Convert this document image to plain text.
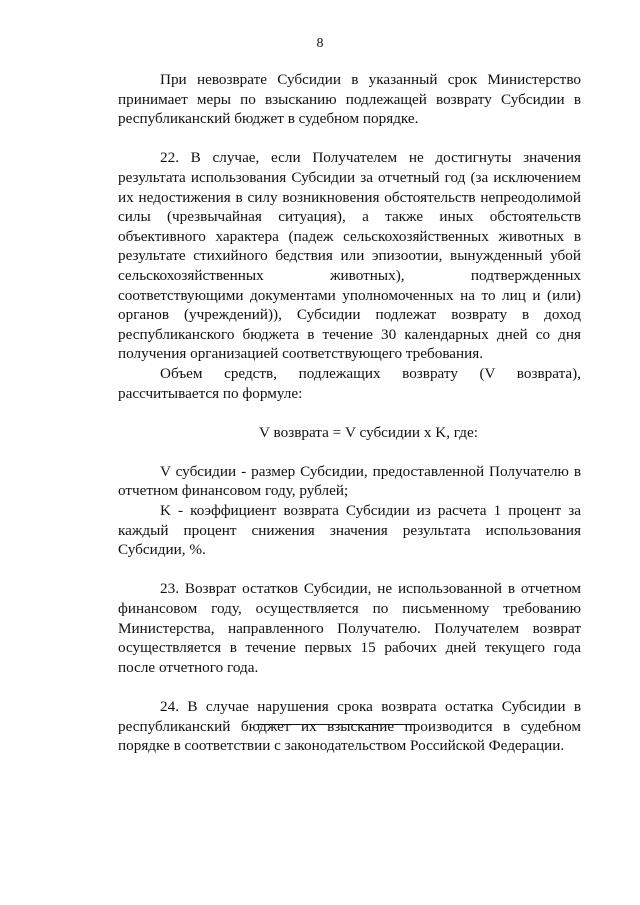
8

При невозврате Субсидии в указанный срок Министерство принимает меры по взысканию подлежащей возврату Субсидии в республиканский бюджет в судебном порядке.

22. В случае, если Получателем не достигнуты значения результата использования Субсидии за отчетный год (за исключением их недостижения в силу возникновения обстоятельств непреодолимой силы (чрезвычайная ситуация), а также иных обстоятельств объективного характера (падеж сельскохозяйственных животных в результате стихийного бедствия или эпизоотии, вынужденный убой сельскохозяйственных животных), подтвержденных соответствующими документами уполномоченных на то лиц и (или) органов (учреждений)), Субсидии подлежат возврату в доход республиканского бюджета в течение 30 календарных дней со дня получения организацией соответствующего требования.

Объем средств, подлежащих возврату (V возврата), рассчитывается по формуле:

V возврата = V субсидии x K, где:

V субсидии - размер Субсидии, предоставленной Получателю в отчетном финансовом году, рублей;

K - коэффициент возврата Субсидии из расчета 1 процент за каждый процент снижения значения результата использования Субсидии, %.

23. Возврат остатков Субсидии, не использованной в отчетном финансовом году, осуществляется по письменному требованию Министерства, направленного Получателю. Получателем возврат осуществляется в течение первых 15 рабочих дней текущего года после отчетного года.

24. В случае нарушения срока возврата остатка Субсидии в республиканский бюджет их взыскание производится в судебном порядке в соответствии с законодательством Российской Федерации.
